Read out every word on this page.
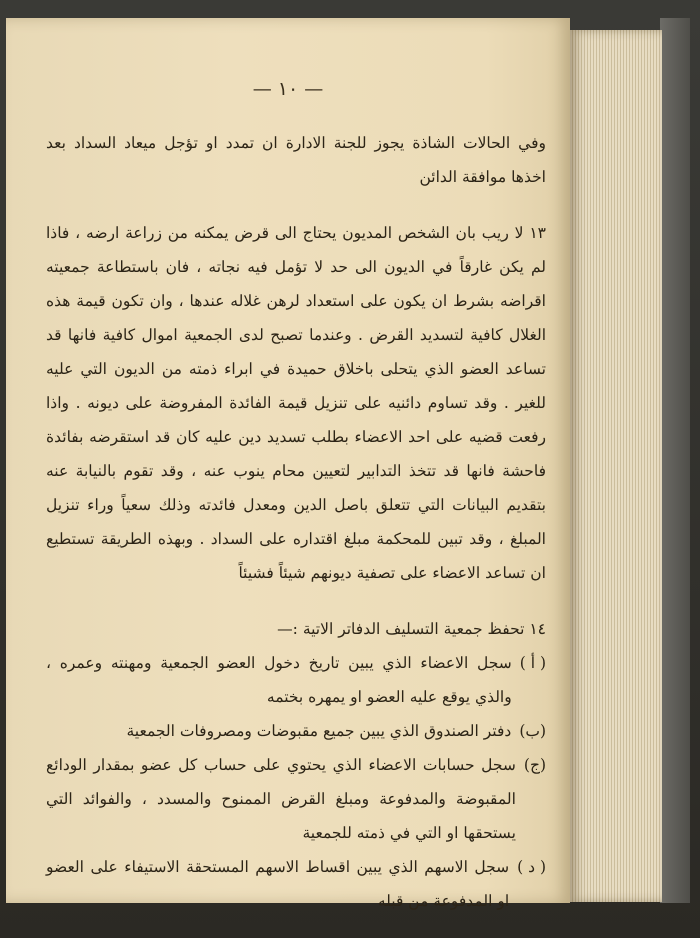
— ١٠ —

وفي الحالات الشاذة يجوز للجنة الادارة ان تمدد او تؤجل ميعاد السداد بعد اخذها موافقة الدائن

١٣ لا ريب بان الشخص المديون يحتاج الى قرض يمكنه من زراعة ارضه ، فاذا لم يكن غارقاً في الديون الى حد لا تؤمل فيه نجاته ، فان باستطاعة جمعيته اقراضه بشرط ان يكون على استعداد لرهن غلاله عندها ، وان تكون قيمة هذه الغلال كافية لتسديد القرض . وعندما تصبح لدى الجمعية اموال كافية فانها قد تساعد العضو الذي يتحلى باخلاق حميدة في ابراء ذمته من الديون التي عليه للغير . وقد تساوم دائنيه على تنزيل قيمة الفائدة المفروضة على ديونه . واذا رفعت قضيه على احد الاعضاء بطلب تسديد دين عليه كان قد استقرضه بفائدة فاحشة فانها قد تتخذ التدابير لتعيين محام ينوب عنه ، وقد تقوم بالنيابة عنه بتقديم البيانات التي تتعلق باصل الدين ومعدل فائدته وذلك سعياً وراء تنزيل المبلغ ، وقد تبين للمحكمة مبلغ اقتداره على السداد . وبهذه الطريقة تستطيع ان تساعد الاعضاء على تصفية ديونهم شيئاً فشيئاً

١٤ تحفظ جمعية التسليف الدفاتر الاتية :—

( أ )
سجل الاعضاء الذي يبين تاريخ دخول العضو الجمعية ومهنته وعمره ، والذي يوقع عليه العضو او يمهره بختمه
(ب)
دفتر الصندوق الذي يبين جميع مقبوضات ومصروفات الجمعية
(ج)
سجل حسابات الاعضاء الذي يحتوي على حساب كل عضو بمقدار الودائع المقبوضة والمدفوعة ومبلغ القرض الممنوح والمسدد ، والفوائد التي يستحقها او التي في ذمته للجمعية
( د )
سجل الاسهم الذي يبين اقساط الاسهم المستحقة الاستيفاء على العضو او المدفوعة من قبله
